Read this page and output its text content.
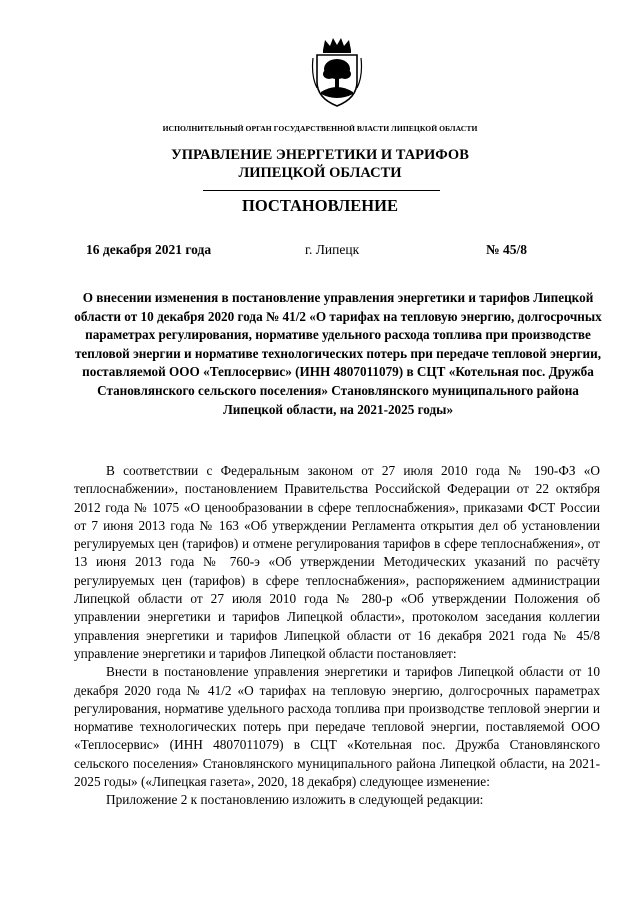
ИСПОЛНИТЕЛЬНЫЙ ОРГАН ГОСУДАРСТВЕННОЙ ВЛАСТИ ЛИПЕЦКОЙ ОБЛАСТИ
УПРАВЛЕНИЕ ЭНЕРГЕТИКИ И ТАРИФОВ
ЛИПЕЦКОЙ ОБЛАСТИ
ПОСТАНОВЛЕНИЕ
16 декабря 2021 года	г. Липецк	№ 45/8
О внесении изменения в постановление управления энергетики и тарифов Липецкой области от 10 декабря 2020 года № 41/2 «О тарифах на тепловую энергию, долгосрочных параметрах регулирования, нормативе удельного расхода топлива при производстве тепловой энергии и нормативе технологических потерь при передаче тепловой энергии, поставляемой ООО «Теплосервис» (ИНН 4807011079) в СЦТ «Котельная пос. Дружба Становлянского сельского поселения» Становлянского муниципального района Липецкой области, на 2021-2025 годы»

В соответствии с Федеральным законом от 27 июля 2010 года № 190-ФЗ «О теплоснабжении», постановлением Правительства Российской Федерации от 22 октября 2012 года № 1075 «О ценообразовании в сфере теплоснабжения», приказами ФСТ России от 7 июня 2013 года № 163 «Об утверждении Регламента открытия дел об установлении регулируемых цен (тарифов) и отмене регулирования тарифов в сфере теплоснабжения», от 13 июня 2013 года № 760-э «Об утверждении Методических указаний по расчёту регулируемых цен (тарифов) в сфере теплоснабжения», распоряжением администрации Липецкой области от 27 июля 2010 года № 280-р «Об утверждении Положения об управлении энергетики и тарифов Липецкой области», протоколом заседания коллегии управления энергетики и тарифов Липецкой области от 16 декабря 2021 года № 45/8 управление энергетики и тарифов Липецкой области постановляет:

Внести в постановление управления энергетики и тарифов Липецкой области от 10 декабря 2020 года № 41/2 «О тарифах на тепловую энергию, долгосрочных параметрах регулирования, нормативе удельного расхода топлива при производстве тепловой энергии и нормативе технологических потерь при передаче тепловой энергии, поставляемой ООО «Теплосервис» (ИНН 4807011079) в СЦТ «Котельная пос. Дружба Становлянского сельского поселения» Становлянского муниципального района Липецкой области, на 2021-2025 годы» («Липецкая газета», 2020, 18 декабря) следующее изменение:

Приложение 2 к постановлению изложить в следующей редакции:
